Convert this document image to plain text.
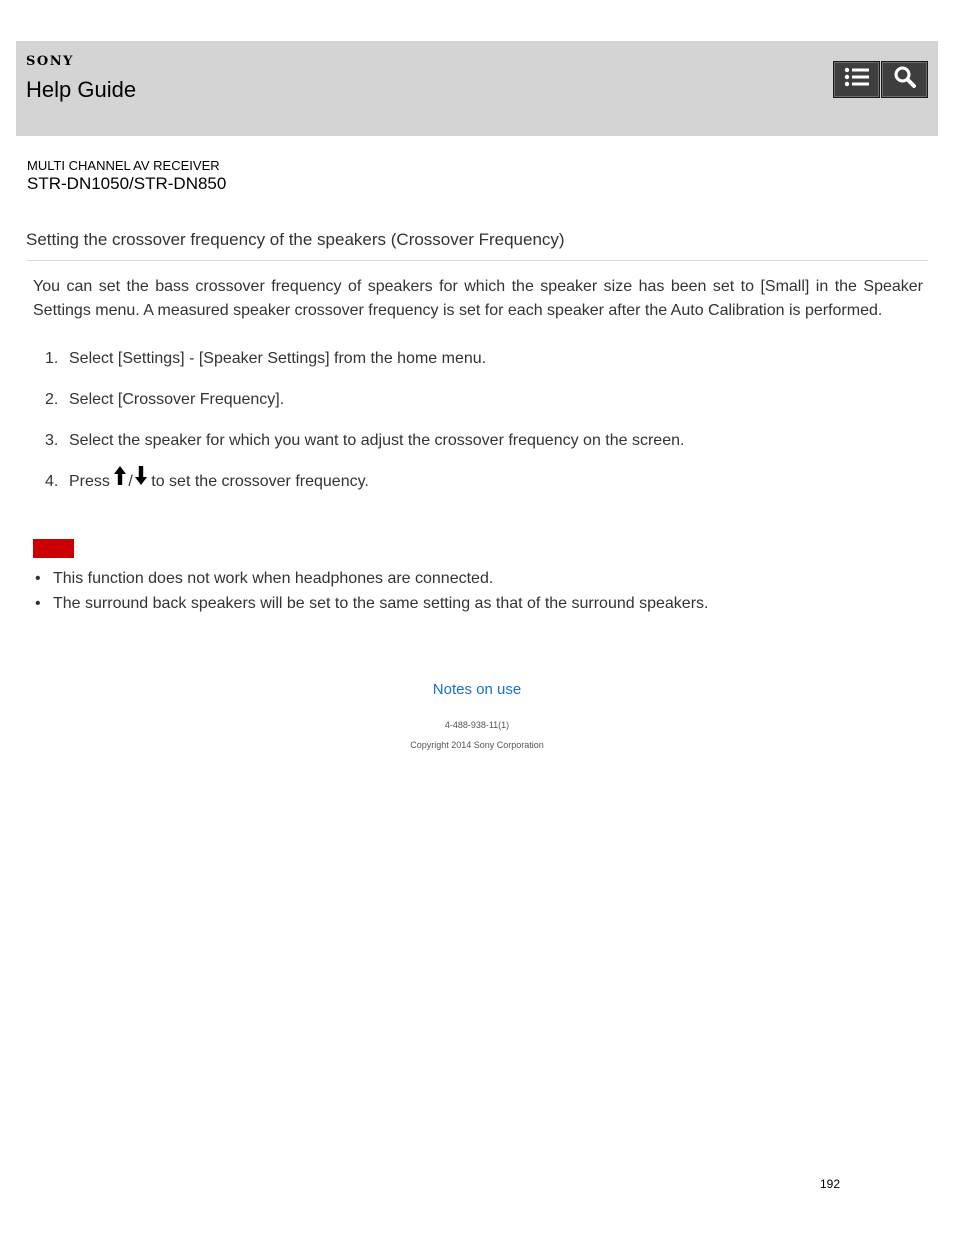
SONY
Help Guide
MULTI CHANNEL AV RECEIVER
STR-DN1050/STR-DN850
Setting the crossover frequency of the speakers (Crossover Frequency)
You can set the bass crossover frequency of speakers for which the speaker size has been set to [Small] in the Speaker Settings menu. A measured speaker crossover frequency is set for each speaker after the Auto Calibration is performed.
1. Select [Settings] - [Speaker Settings] from the home menu.
2. Select [Crossover Frequency].
3. Select the speaker for which you want to adjust the crossover frequency on the screen.
4. Press / to set the crossover frequency.
• This function does not work when headphones are connected.
• The surround back speakers will be set to the same setting as that of the surround speakers.
Notes on use
4-488-938-11(1)
Copyright 2014 Sony Corporation
192
